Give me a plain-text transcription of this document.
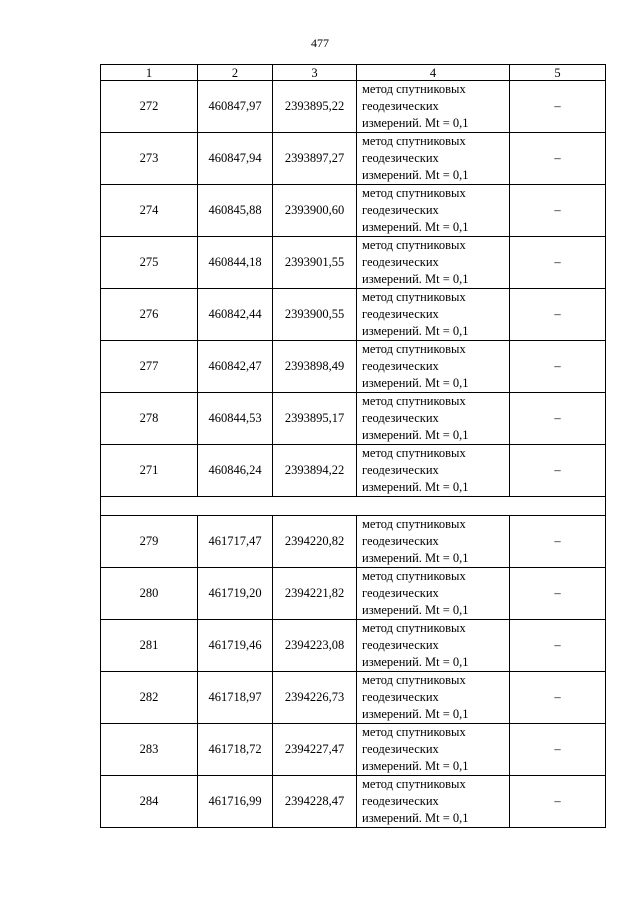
477
1	2	3	4	5
272	460847,97	2393895,22	метод спутниковых
геодезических
измерений. Mt = 0,1	–
273	460847,94	2393897,27	метод спутниковых
геодезических
измерений. Mt = 0,1	–
274	460845,88	2393900,60	метод спутниковых
геодезических
измерений. Mt = 0,1	–
275	460844,18	2393901,55	метод спутниковых
геодезических
измерений. Mt = 0,1	–
276	460842,44	2393900,55	метод спутниковых
геодезических
измерений. Mt = 0,1	–
277	460842,47	2393898,49	метод спутниковых
геодезических
измерений. Mt = 0,1	–
278	460844,53	2393895,17	метод спутниковых
геодезических
измерений. Mt = 0,1	–
271	460846,24	2393894,22	метод спутниковых
геодезических
измерений. Mt = 0,1	–

279	461717,47	2394220,82	метод спутниковых
геодезических
измерений. Mt = 0,1	–
280	461719,20	2394221,82	метод спутниковых
геодезических
измерений. Mt = 0,1	–
281	461719,46	2394223,08	метод спутниковых
геодезических
измерений. Mt = 0,1	–
282	461718,97	2394226,73	метод спутниковых
геодезических
измерений. Mt = 0,1	–
283	461718,72	2394227,47	метод спутниковых
геодезических
измерений. Mt = 0,1	–
284	461716,99	2394228,47	метод спутниковых
геодезических
измерений. Mt = 0,1	–
